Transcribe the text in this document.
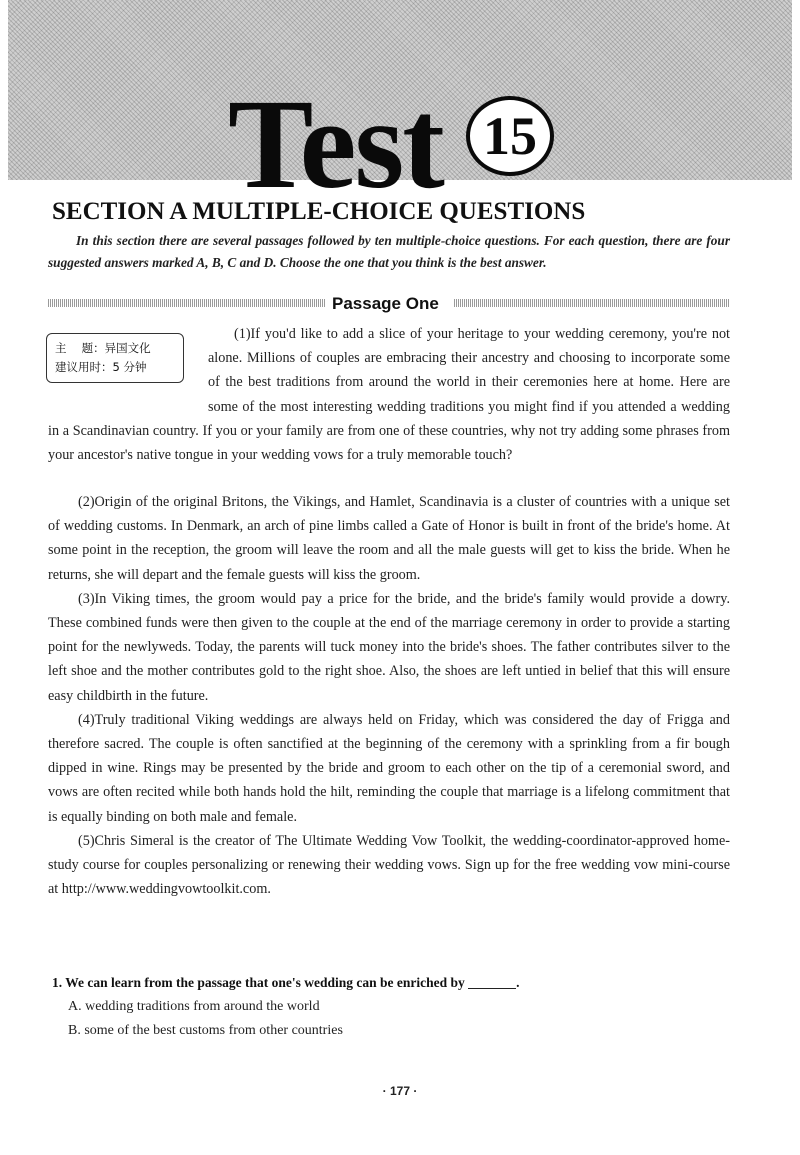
Test 15
SECTION A MULTIPLE-CHOICE QUESTIONS
In this section there are several passages followed by ten multiple-choice questions. For each question, there are four suggested answers marked A, B, C and D. Choose the one that you think is the best answer.
Passage One

(1)If you'd like to add a slice of your heritage to your wedding ceremony, you're not alone. Millions of couples are embracing their ancestry and choosing to incorporate some of the best traditions from around the world in their ceremonies here at home. Here are some of the most interesting wedding traditions you might find if you attended a wedding in a Scandinavian country. If you or your family are from one of these countries, why not try adding some phrases from your ancestor's native tongue in your wedding vows for a truly memorable touch?

主　 题：异国文化
建议用时：5 分钟

(2)Origin of the original Britons, the Vikings, and Hamlet, Scandinavia is a cluster of countries with a unique set of wedding customs. In Denmark, an arch of pine limbs called a Gate of Honor is built in front of the bride's home. At some point in the reception, the groom will leave the room and all the male guests will get to kiss the bride. When he returns, she will depart and the female guests will kiss the groom.

(3)In Viking times, the groom would pay a price for the bride, and the bride's family would provide a dowry. These combined funds were then given to the couple at the end of the marriage ceremony in order to provide a starting point for the newlyweds. Today, the parents will tuck money into the bride's shoes. The father contributes silver to the left shoe and the mother contributes gold to the right shoe. Also, the shoes are left untied in belief that this will ensure easy childbirth in the future.

(4)Truly traditional Viking weddings are always held on Friday, which was considered the day of Frigga and therefore sacred. The couple is often sanctified at the beginning of the ceremony with a sprinkling from a fir bough dipped in wine. Rings may be presented by the bride and groom to each other on the tip of a ceremonial sword, and vows are often recited while both hands hold the hilt, reminding the couple that marriage is a lifelong commitment that is equally binding on both male and female.

(5)Chris Simeral is the creator of The Ultimate Wedding Vow Toolkit, the wedding-coordinator-approved home-study course for couples personalizing or renewing their wedding vows. Sign up for the free wedding vow mini-course at http://www.weddingvowtoolkit.com.

1. We can learn from the passage that one's wedding can be enriched by	.
A. wedding traditions from around the world
B. some of the best customs from other countries
· 177 ·
